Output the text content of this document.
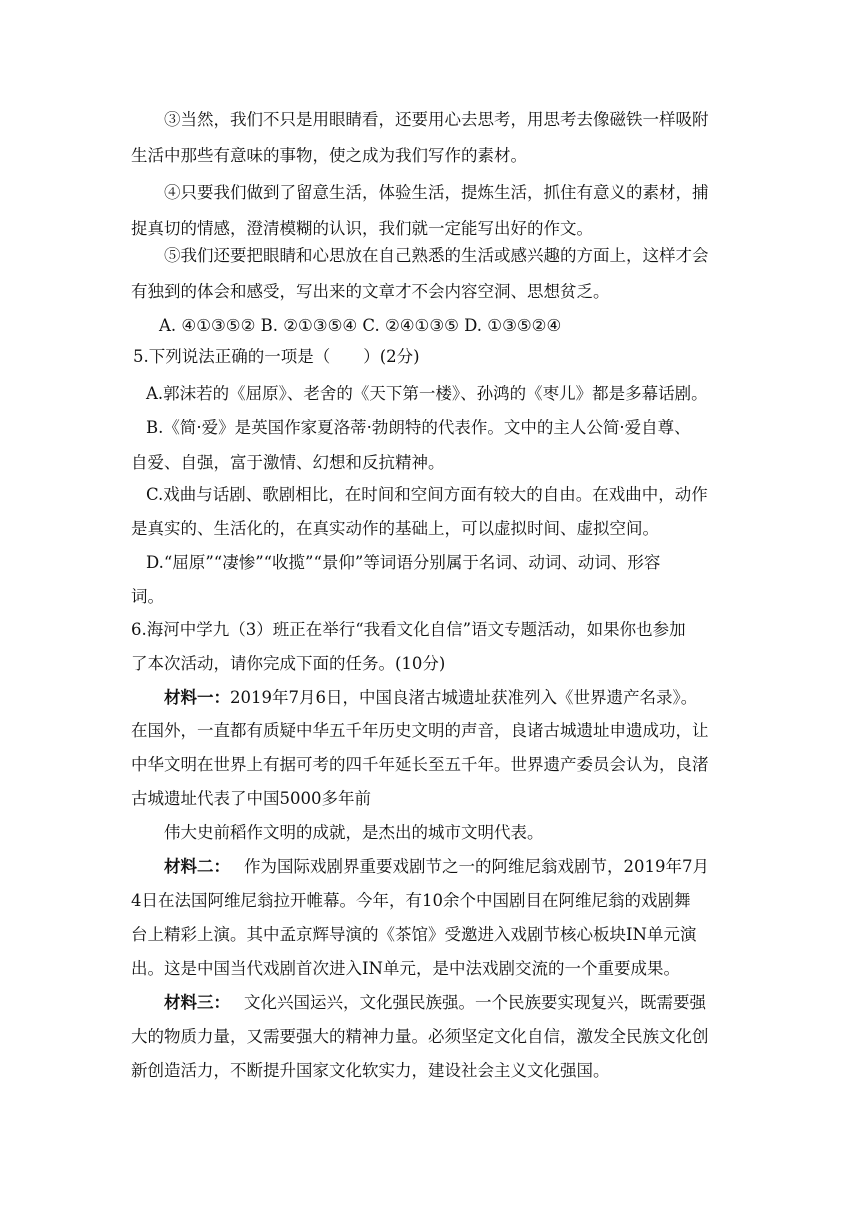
③当然，我们不只是用眼睛看，还要用心去思考，用思考去像磁铁一样吸附
生活中那些有意味的事物，使之成为我们写作的素材。
④只要我们做到了留意生活，体验生活，提炼生活，抓住有意义的素材，捕
捉真切的情感，澄清模糊的认识，我们就一定能写出好的作文。
⑤我们还要把眼睛和心思放在自己熟悉的生活或感兴趣的方面上，这样才会
有独到的体会和感受，写出来的文章才不会内容空洞、思想贫乏。
A. ④①③⑤② B. ②①③⑤④ C. ②④①③⑤ D. ①③⑤②④
5.下列说法正确的一项是（　　）(2分)
A.郭沫若的《屈原》、老舍的《天下第一楼》、孙鸿的《枣儿》都是多幕话剧。
B.《简·爱》是英国作家夏洛蒂·勃朗特的代表作。文中的主人公简·爱自尊、
自爱、自强，富于激情、幻想和反抗精神。
C.戏曲与话剧、歌剧相比，在时间和空间方面有较大的自由。在戏曲中，动作
是真实的、生活化的，在真实动作的基础上，可以虚拟时间、虚拟空间。
D.“屈原”“凄惨”“收揽”“景仰”等词语分别属于名词、动词、动词、形容
词。
6.海河中学九（3）班正在举行“我看文化自信”语文专题活动，如果你也参加
了本次活动，请你完成下面的任务。(10分)
材料一：2019年7月6日，中国良渚古城遗址获准列入《世界遗产名录》。
在国外，一直都有质疑中华五千年历史文明的声音，良诸古城遗址申遗成功，让
中华文明在世界上有据可考的四千年延长至五千年。世界遗产委员会认为，良渚
古城遗址代表了中国5000多年前
伟大史前稻作文明的成就，是杰出的城市文明代表。
材料二： 作为国际戏剧界重要戏剧节之一的阿维尼翁戏剧节，2019年7月
4日在法国阿维尼翁拉开帷幕。今年，有10余个中国剧目在阿维尼翁的戏剧舞
台上精彩上演。其中孟京辉导演的《茶馆》受邀进入戏剧节核心板块IN单元演
出。这是中国当代戏剧首次进入IN单元，是中法戏剧交流的一个重要成果。
材料三： 文化兴国运兴，文化强民族强。一个民族要实现复兴，既需要强
大的物质力量，又需要强大的精神力量。必须坚定文化自信，激发全民族文化创
新创造活力，不断提升国家文化软实力，建设社会主义文化强国。
